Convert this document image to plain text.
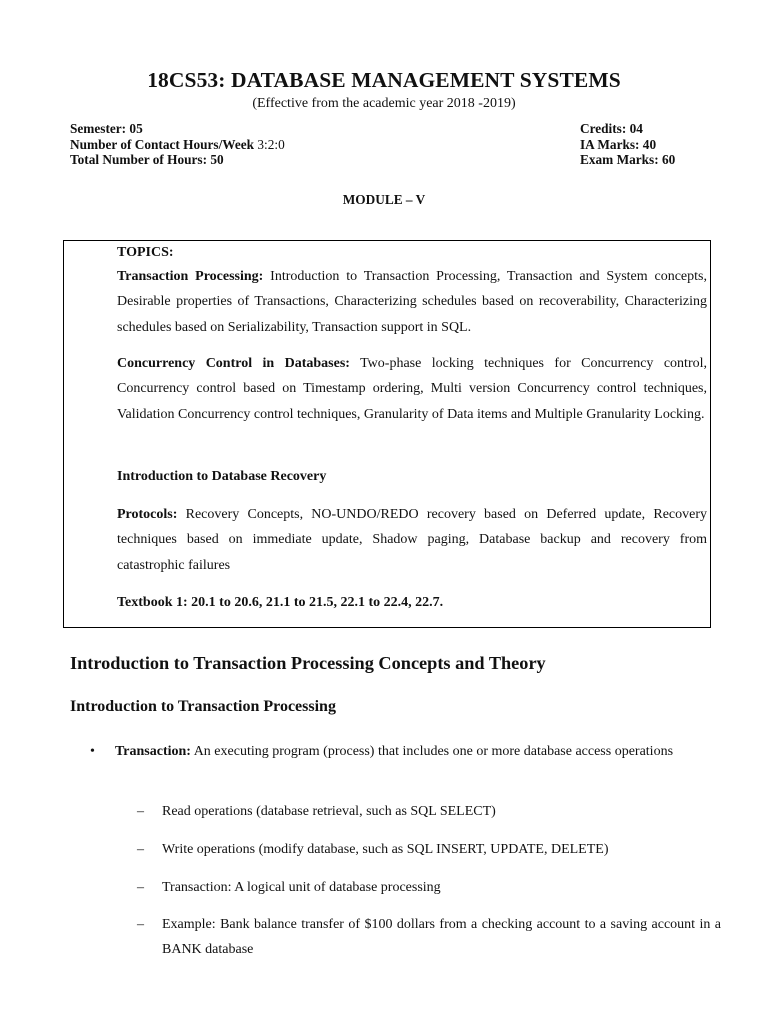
18CS53: DATABASE MANAGEMENT SYSTEMS
(Effective from the academic year 2018 -2019)
Semester: 05
Number of Contact Hours/Week 3:2:0
Total Number of Hours: 50
Credits: 04
IA Marks: 40
Exam Marks: 60
MODULE – V
TOPICS:

Transaction Processing: Introduction to Transaction Processing, Transaction and System concepts, Desirable properties of Transactions, Characterizing schedules based on recoverability, Characterizing schedules based on Serializability, Transaction support in SQL.

Concurrency Control in Databases: Two-phase locking techniques for Concurrency control, Concurrency control based on Timestamp ordering, Multi version Concurrency control techniques, Validation Concurrency control techniques, Granularity of Data items and Multiple Granularity Locking.

Introduction to Database Recovery

Protocols: Recovery Concepts, NO-UNDO/REDO recovery based on Deferred update, Recovery techniques based on immediate update, Shadow paging, Database backup and recovery from catastrophic failures

Textbook 1: 20.1 to 20.6, 21.1 to 21.5, 22.1 to 22.4, 22.7.

Introduction to Transaction Processing Concepts and Theory
Introduction to Transaction Processing
• Transaction: An executing program (process) that includes one or more database access operations
– Read operations (database retrieval, such as SQL SELECT)
– Write operations (modify database, such as SQL INSERT, UPDATE, DELETE)
– Transaction: A logical unit of database processing
– Example: Bank balance transfer of $100 dollars from a checking account to a saving account in a BANK database
